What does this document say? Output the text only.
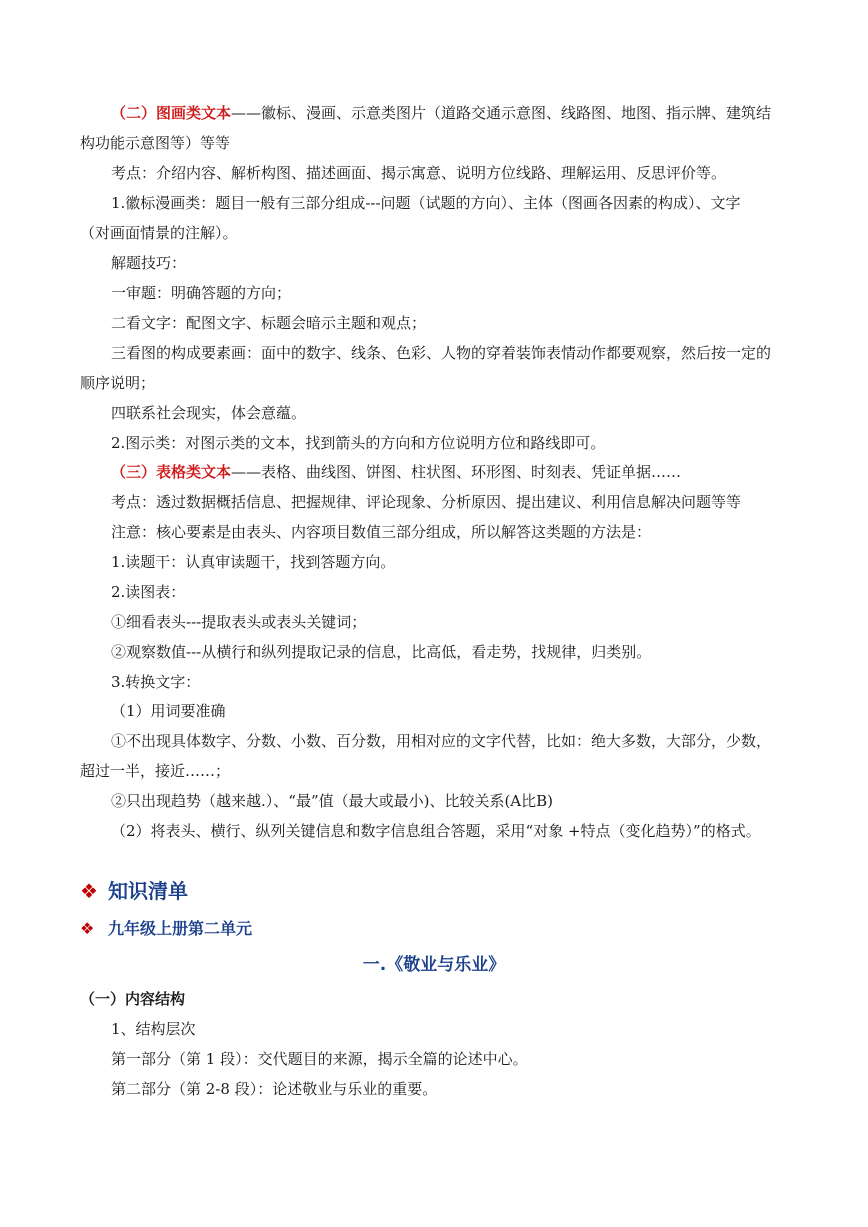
（二）图画类文本——徽标、漫画、示意类图片（道路交通示意图、线路图、地图、指示牌、建筑结
构功能示意图等）等等
考点：介绍内容、解析构图、描述画面、揭示寓意、说明方位线路、理解运用、反思评价等。
1.徽标漫画类：题目一般有三部分组成---问题（试题的方向）、主体（图画各因素的构成）、文字
（对画面情景的注解）。
解题技巧：
一审题：明确答题的方向；
二看文字：配图文字、标题会暗示主题和观点；
三看图的构成要素画：面中的数字、线条、色彩、人物的穿着装饰表情动作都要观察，然后按一定的
顺序说明；
四联系社会现实，体会意蕴。
2.图示类：对图示类的文本，找到箭头的方向和方位说明方位和路线即可。
（三）表格类文本——表格、曲线图、饼图、柱状图、环形图、时刻表、凭证单据……
考点：透过数据概括信息、把握规律、评论现象、分析原因、提出建议、利用信息解决问题等等
注意：核心要素是由表头、内容项目数值三部分组成，所以解答这类题的方法是：
1.读题干：认真审读题干，找到答题方向。
2.读图表：
①细看表头---提取表头或表头关键词；
②观察数值---从横行和纵列提取记录的信息，比高低，看走势，找规律，归类别。
3.转换文字：
（1）用词要准确
①不出现具体数字、分数、小数、百分数，用相对应的文字代替，比如：绝大多数，大部分，少数，
超过一半，接近……；
②只出现趋势（越来越.）、“最”值（最大或最小)、比较关系(A比B)
（2）将表头、横行、纵列关键信息和数字信息组合答题，采用“对象 +特点（变化趋势）”的格式。
❖ 知识清单
❖ 九年级上册第二单元
一.《敬业与乐业》
（一）内容结构
1、结构层次
第一部分（第 1 段）：交代题目的来源，揭示全篇的论述中心。
第二部分（第 2-8 段）：论述敬业与乐业的重要。
